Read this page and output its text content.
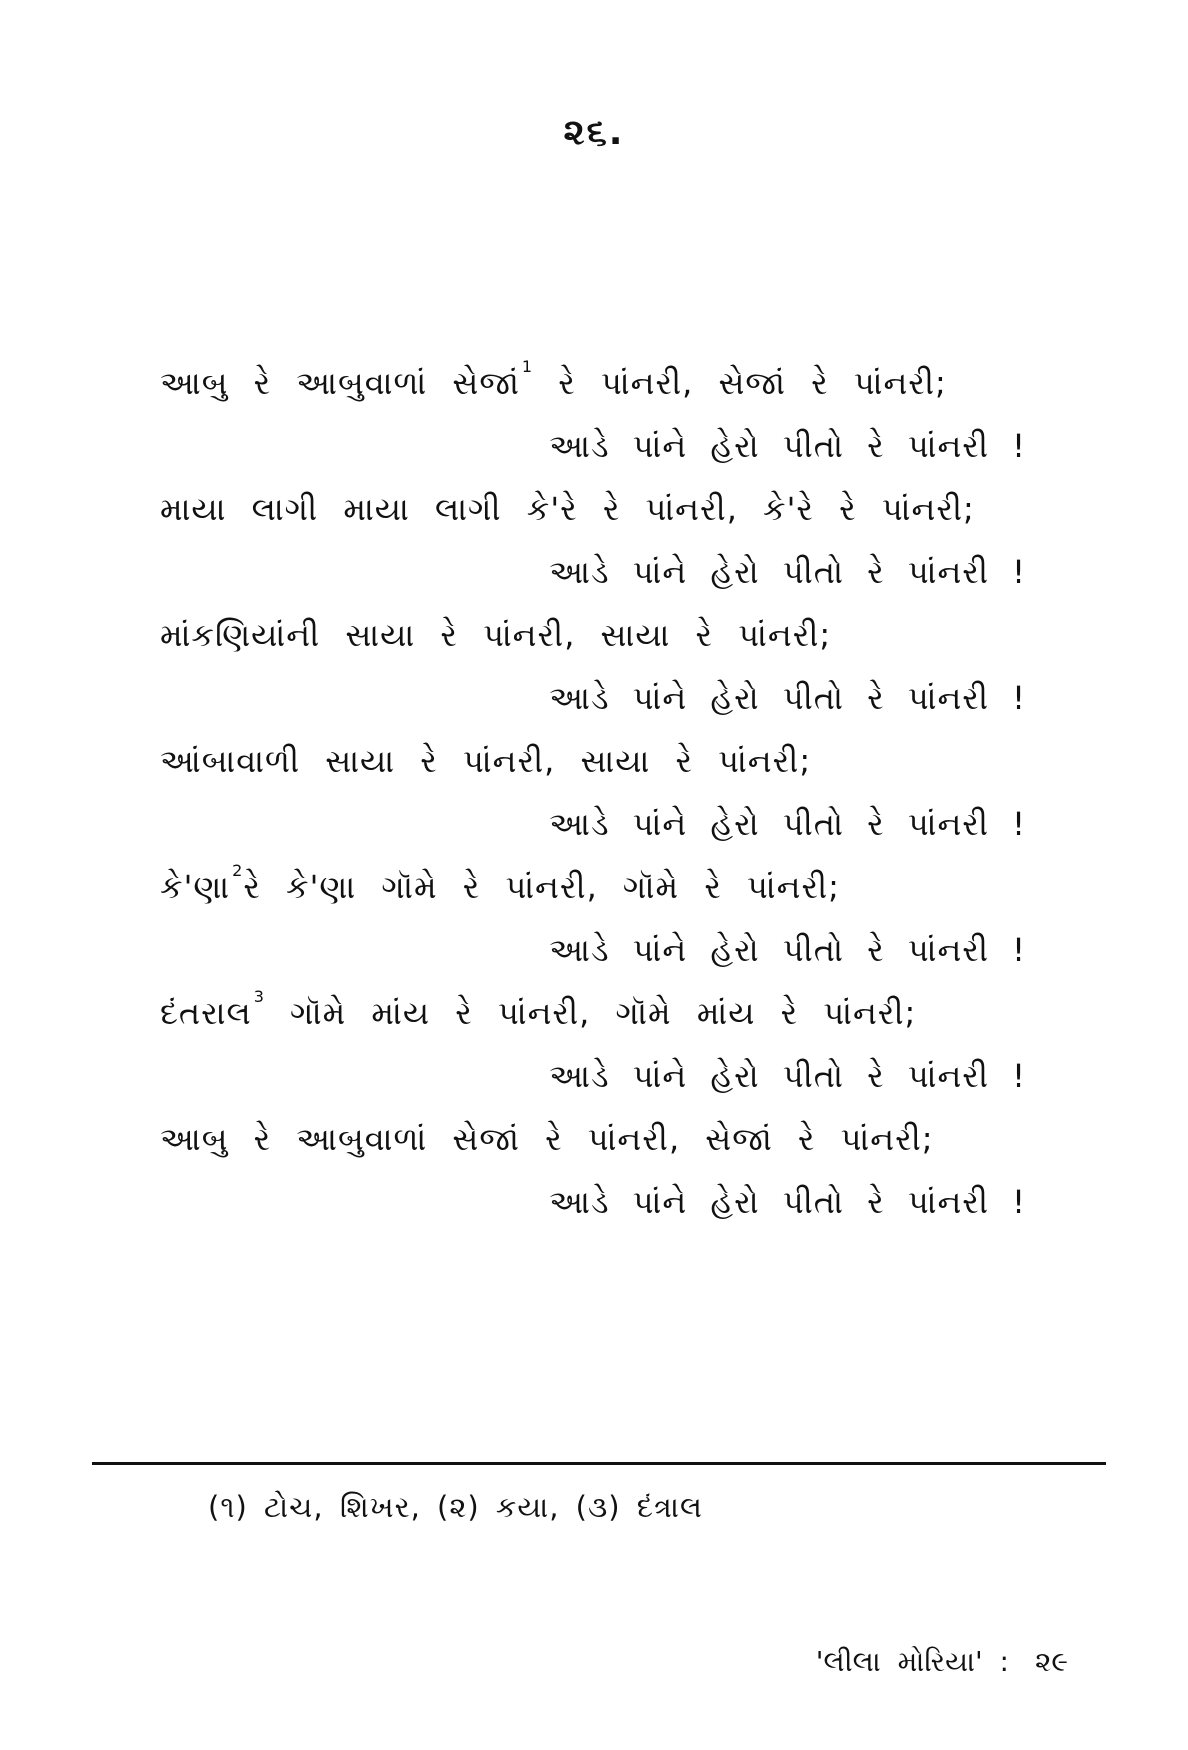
૨૬.
આબુ રે આબુવાળાં સેજાં $^1$ રે પાંનરી, સેજાં રે પાંનરી;
આડે પાંને હેરો પીતો રે પાંનરી !
માયા લાગી માયા લાગી કે'રે રે પાંનરી, કે'રે રે પાંનરી;
આડે પાંને હેરો પીતો રે પાંનરી !
માંકણિયાંની સાયા રે પાંનરી, સાયા રે પાંનરી;
આડે પાંને હેરો પીતો રે પાંનરી !
આંબાવાળી સાયા રે પાંનરી, સાયા રે પાંનરી;
આડે પાંને હેરો પીતો રે પાંનરી !
કે'ણા $^2$રે કે'ણા ગૉમે રે પાંનરી, ગૉમે રે પાંનરી;
આડે પાંને હેરો પીતો રે પાંનરી !
દંતરાલ $^3$ ગૉમે માંય રે પાંનરી, ગૉમે માંય રે પાંનરી;
આડે પાંને હેરો પીતો રે પાંનરી !
આબુ રે આબુવાળાં સેજાં રે પાંનરી, સેજાં રે પાંનરી;
આડે પાંને હેરો પીતો રે પાંનરી !
(૧) ટોચ, શિખર, (૨) કયા, (૩) દંત્રાલ
'લીલા મોરિયા' : ૨૯
